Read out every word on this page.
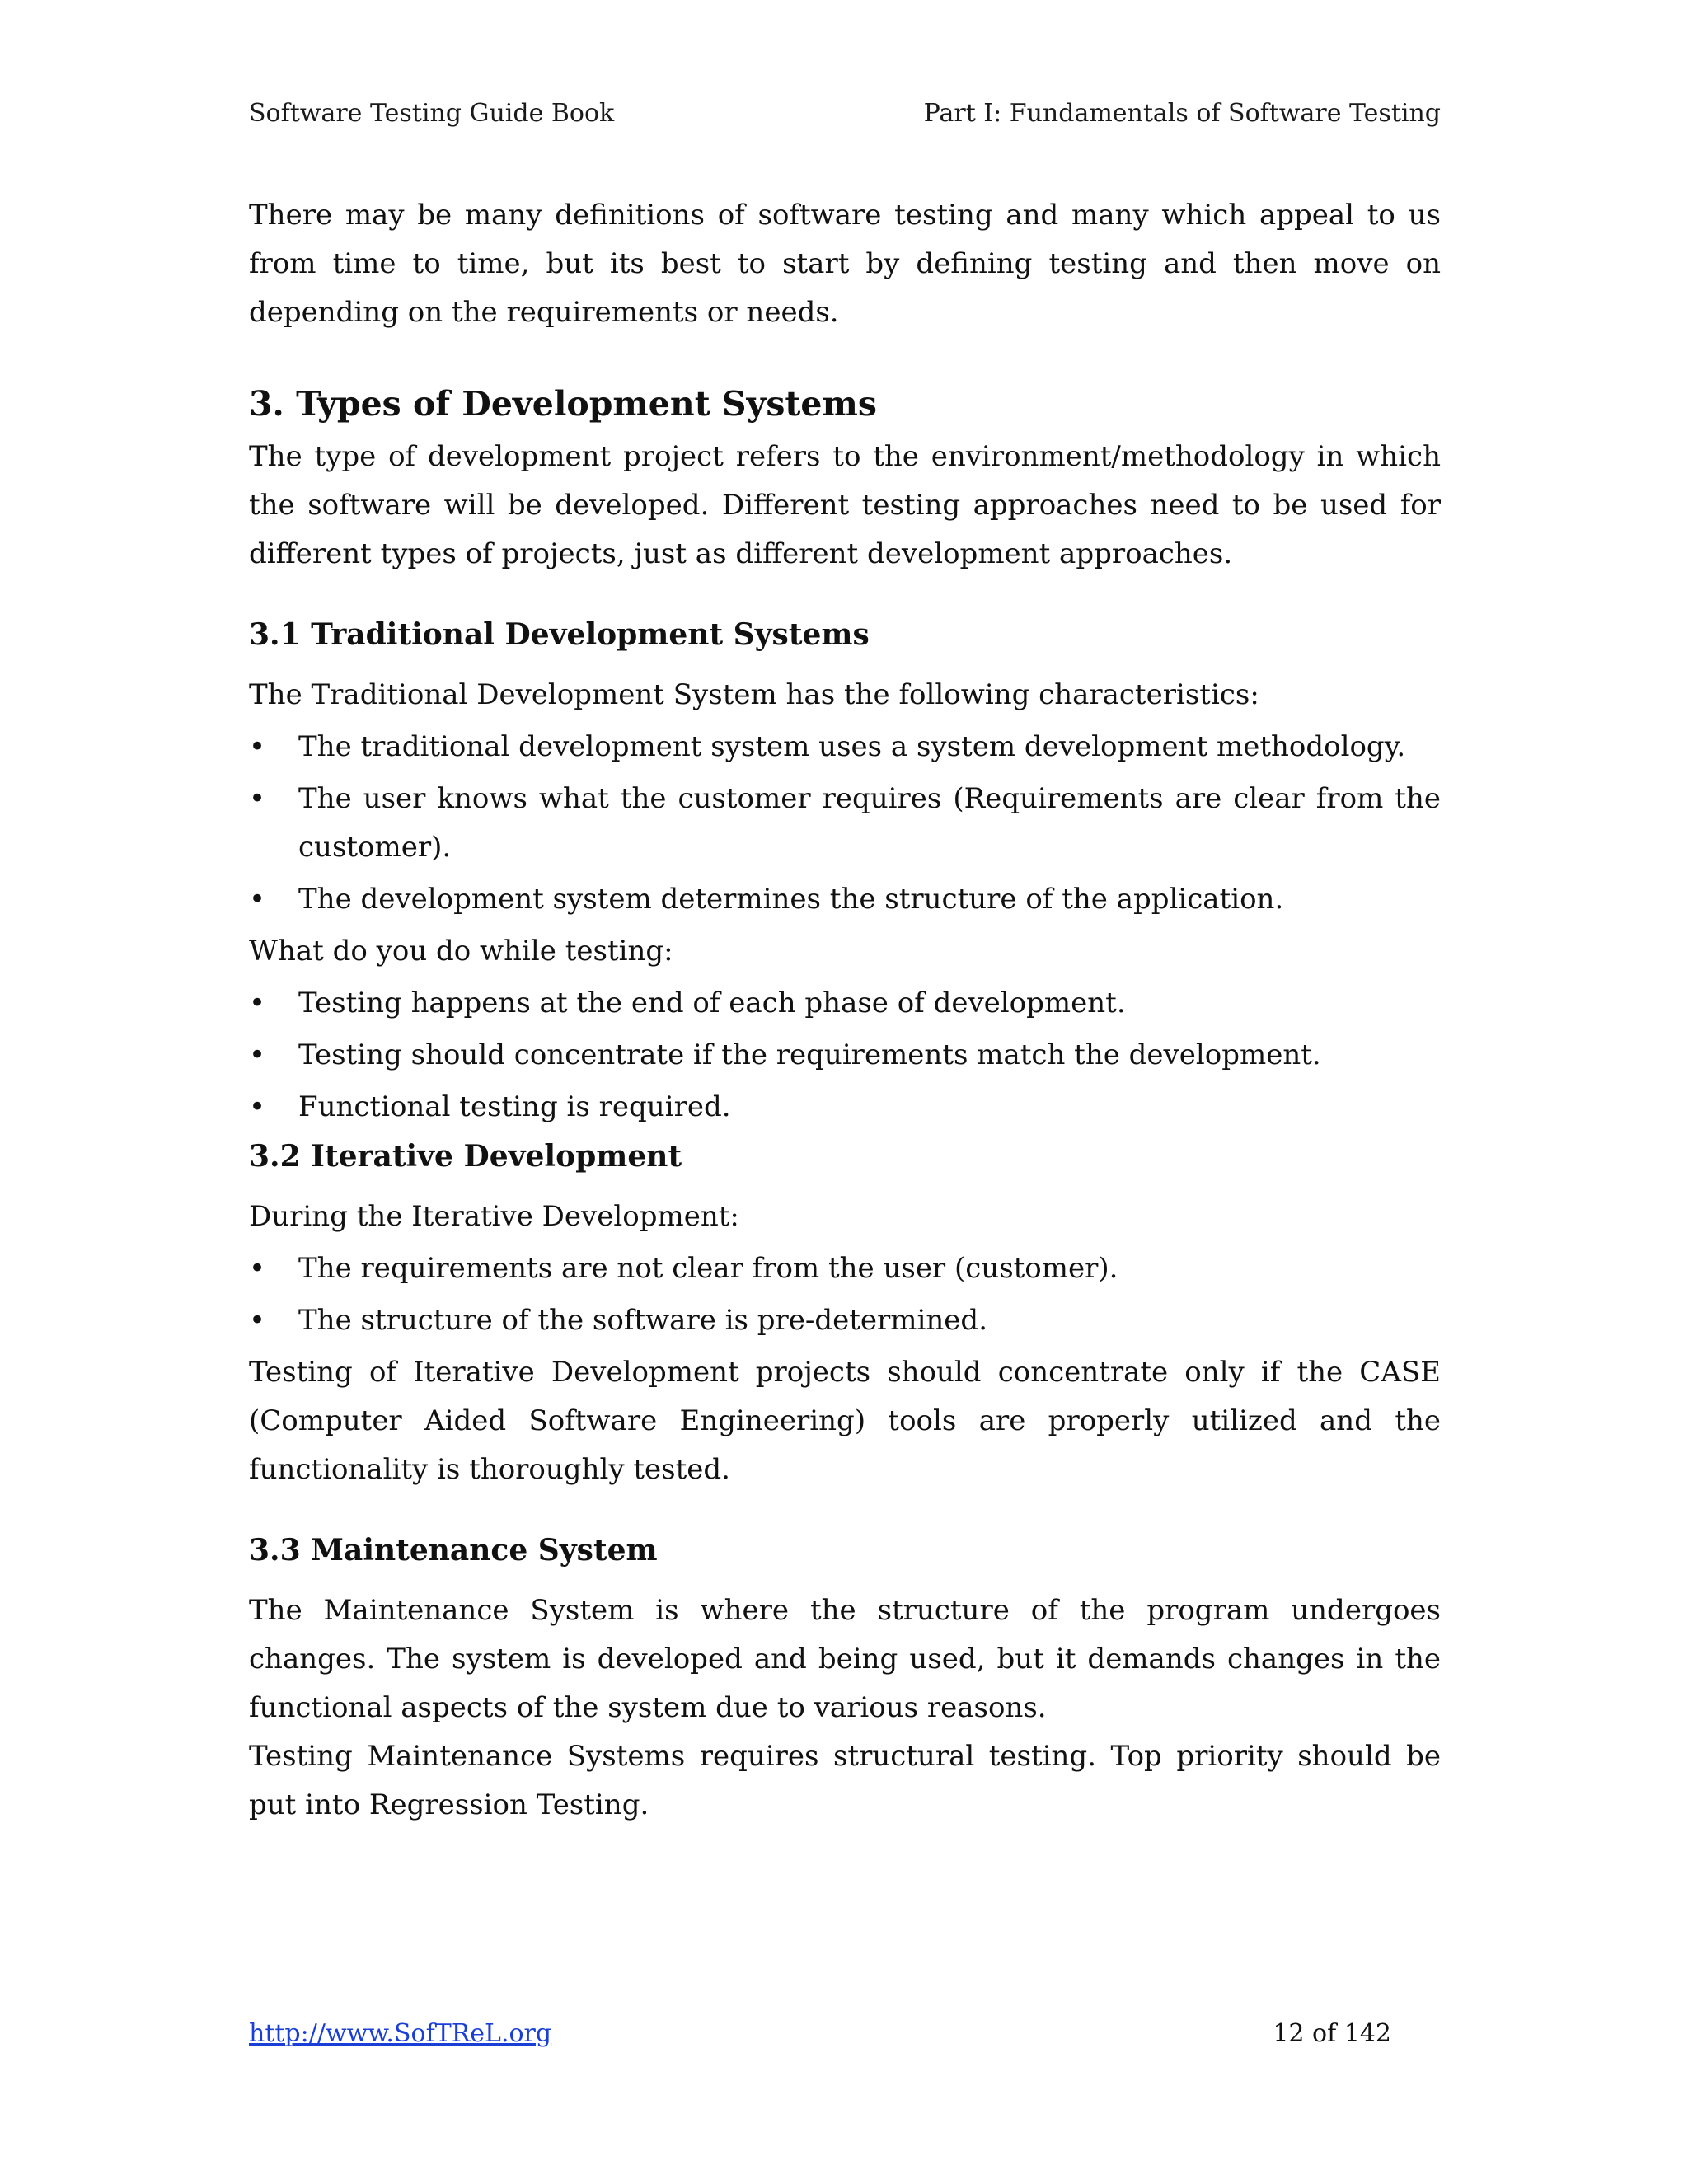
Software Testing Guide Book	Part I: Fundamentals of Software Testing

There may be many definitions of software testing and many which appeal to us from time to time, but its best to start by defining testing and then move on depending on the requirements or needs.

3. Types of Development Systems

The type of development project refers to the environment/methodology in which the software will be developed. Different testing approaches need to be used for different types of projects, just as different development approaches.

3.1 Traditional Development Systems

The Traditional Development System has the following characteristics:

• The traditional development system uses a system development methodology.
• The user knows what the customer requires (Requirements are clear from the customer).
• The development system determines the structure of the application.

What do you do while testing:

• Testing happens at the end of each phase of development.
• Testing should concentrate if the requirements match the development.
• Functional testing is required.
3.2 Iterative Development

During the Iterative Development:

• The requirements are not clear from the user (customer).
• The structure of the software is pre-determined.

Testing of Iterative Development projects should concentrate only if the CASE (Computer Aided Software Engineering) tools are properly utilized and the functionality is thoroughly tested.

3.3 Maintenance System

The Maintenance System is where the structure of the program undergoes changes. The system is developed and being used, but it demands changes in the functional aspects of the system due to various reasons.

Testing Maintenance Systems requires structural testing. Top priority should be put into Regression Testing.

http://www.SofTReL.org	12 of 142
